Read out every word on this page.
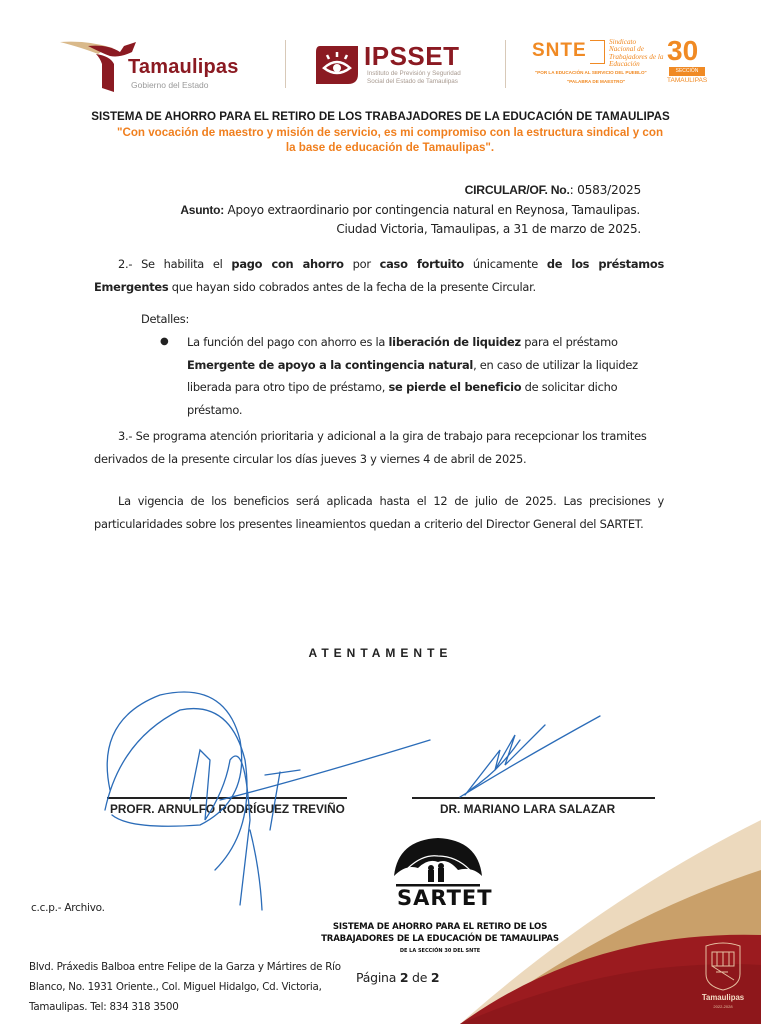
Tamaulipas
Gobierno del Estado
IPSSET
Instituto de Previsión y Seguridad
Social del Estado de Tamaulipas
SNTE	Sindicato
Nacional de
Trabajadores de la
Educación
"POR LA EDUCACIÓN AL SERVICIO DEL PUEBLO"
"PALABRA DE MAESTRO"
30
SECCIÓN
TAMAULIPAS
SISTEMA DE AHORRO PARA EL RETIRO DE LOS TRABAJADORES DE LA EDUCACIÓN DE TAMAULIPAS
"Con vocación de maestro y misión de servicio, es mi compromiso con la estructura sindical y con
la base de educación de Tamaulipas".
CIRCULAR/OF. No.: 0583/2025
Asunto: Apoyo extraordinario por contingencia natural en Reynosa, Tamaulipas.
Ciudad Victoria, Tamaulipas, a 31 de marzo de 2025.
2.- Se habilita el pago con ahorro por caso fortuito únicamente de los préstamos Emergentes que hayan sido cobrados antes de la fecha de la presente Circular.
Detalles:
● La función del pago con ahorro es la liberación de liquidez para el préstamo Emergente de apoyo a la contingencia natural, en caso de utilizar la liquidez liberada para otro tipo de préstamo, se pierde el beneficio de solicitar dicho préstamo.
3.- Se programa atención prioritaria y adicional a la gira de trabajo para recepcionar los tramites derivados de la presente circular los días jueves 3 y viernes 4 de abril de 2025.
La vigencia de los beneficios será aplicada hasta el 12 de julio de 2025. Las precisiones y particularidades sobre los presentes lineamientos quedan a criterio del Director General del SARTET.
ATENTAMENTE
PROFR. ARNULFO RODRÍGUEZ TREVIÑO	DR. MARIANO LARA SALAZAR
c.c.p.- Archivo.
Blvd. Práxedis Balboa entre Felipe de la Garza y Mártires de Río Blanco, No. 1931 Oriente., Col. Miguel Hidalgo, Cd. Victoria, Tamaulipas. Tel: 834 318 3500
Página 2 de 2
Tamaulipas
2022-2028
SARTET
SISTEMA DE AHORRO PARA EL RETIRO DE LOS
TRABAJADORES DE LA EDUCACIÓN DE TAMAULIPAS
DE LA SECCIÓN 30 DEL SNTE
